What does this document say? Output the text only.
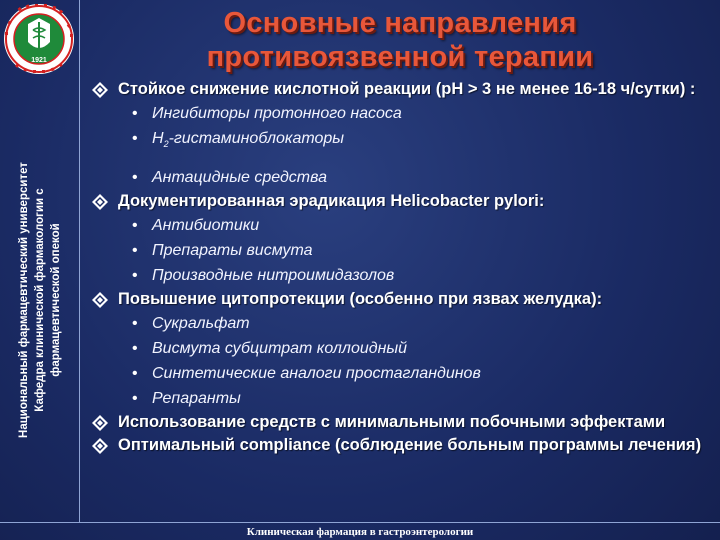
1921
Национальный фармацевтический университет Кафедра клинической фармакологии с фармацевтической опекой
Основные направления
противоязвенной терапии
Стойкое снижение кислотной реакции (рН > 3 не менее 16-18 ч/сутки) :
• Ингибиторы протонного насоса
• $Н_2$-гистаминоблокаторы
• Антацидные средства
Документированная эрадикация Helicobacter pylori:
• Антибиотики
• Препараты висмута
• Производные нитроимидазолов
Повышение цитопротекции (особенно при язвах желудка):
• Сукральфат
• Висмута субцитрат коллоидный
• Синтетические аналоги простагландинов
• Репаранты
Использование средств с минимальными побочными эффектами
Оптимальный compliance (соблюдение больным программы лечения)
Клиническая фармация в гастроэнтерологии
